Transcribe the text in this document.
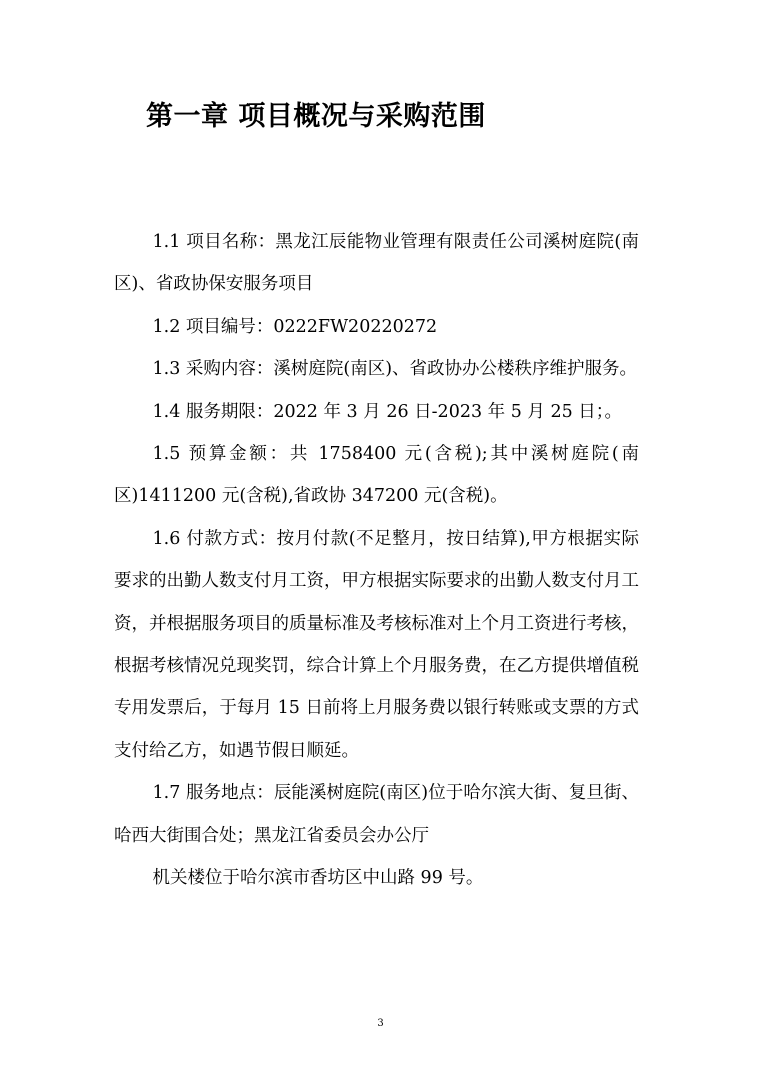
第一章 项目概况与采购范围

1.1 项目名称：黑龙江辰能物业管理有限责任公司溪树庭院(南区)、省政协保安服务项目

1.2 项目编号：0222FW20220272

1.3 采购内容：溪树庭院(南区)、省政协办公楼秩序维护服务。

1.4 服务期限：2022 年 3 月 26 日-2023 年 5 月 25 日；。

1.5 预算金额：共 1758400 元(含税);其中溪树庭院(南区)1411200 元(含税),省政协 347200 元(含税)。

1.6 付款方式：按月付款(不足整月，按日结算),甲方根据实际要求的出勤人数支付月工资，甲方根据实际要求的出勤人数支付月工资，并根据服务项目的质量标准及考核标准对上个月工资进行考核，根据考核情况兑现奖罚，综合计算上个月服务费，在乙方提供增值税专用发票后，于每月 15 日前将上月服务费以银行转账或支票的方式支付给乙方，如遇节假日顺延。

1.7 服务地点：辰能溪树庭院(南区)位于哈尔滨大街、复旦街、哈西大街围合处；黑龙江省委员会办公厅

机关楼位于哈尔滨市香坊区中山路 99 号。

3
